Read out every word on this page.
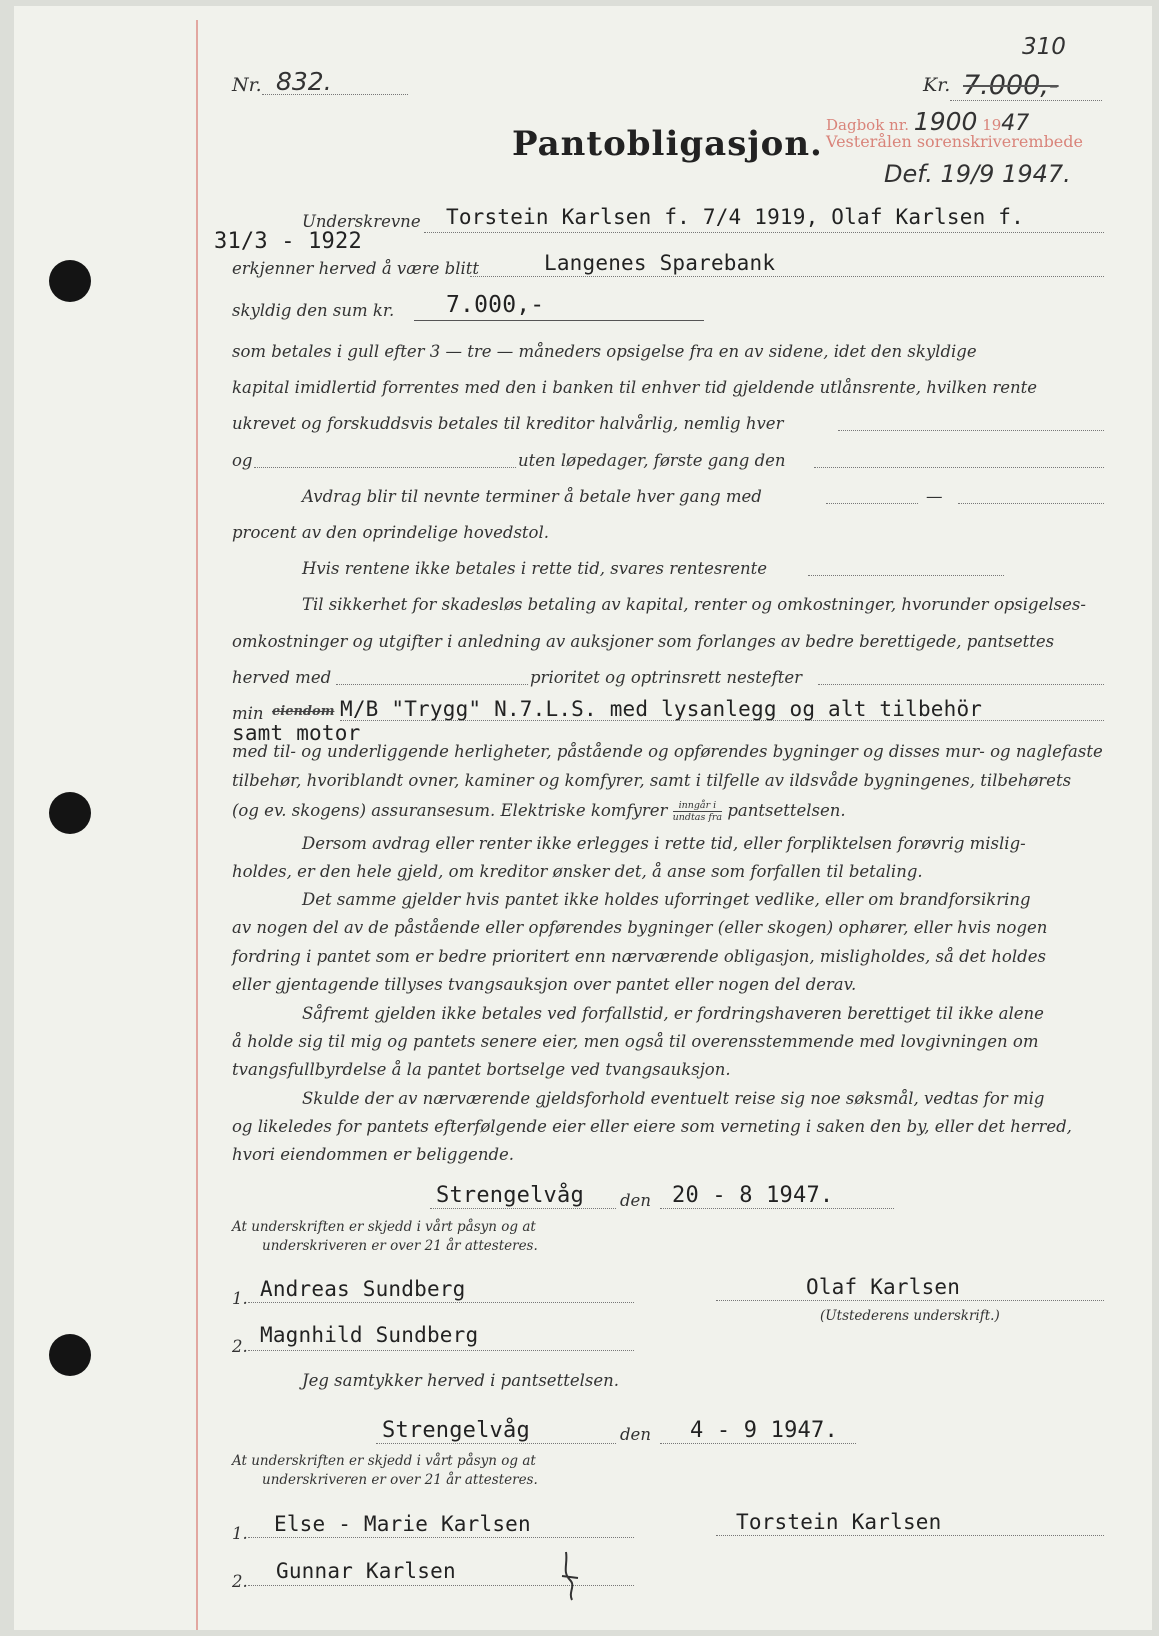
310
Nr. 832.	Kr. 7.000,-
Pantobligasjon. Dagbok nr. 1900 1947
Vesterålen sorenskriverembede
Def. 19/9 1947.
Underskrevne Torstein Karlsen f. 7/4 1919, Olaf Karlsen f.
31/3 - 1922
erkjenner herved å være blitt	Langenes Sparebank
skyldig den sum kr. 7.000,-
som betales i gull efter 3 — tre — måneders opsigelse fra en av sidene, idet den skyldige
kapital imidlertid forrentes med den i banken til enhver tid gjeldende utlånsrente, hvilken rente
ukrevet og forskuddsvis betales til kreditor halvårlig, nemlig hver
og	uten løpedager, første gang den
Avdrag blir til nevnte terminer å betale hver gang med	—
procent av den oprindelige hovedstol.
Hvis rentene ikke betales i rette tid, svares rentesrente
Til sikkerhet for skadesløs betaling av kapital, renter og omkostninger, hvorunder opsigelses-
omkostninger og utgifter i anledning av auksjoner som forlanges av bedre berettigede, pantsettes
herved med	prioritet og optrinsrett nestefter
min eiendom M/B "Trygg" N.7.L.S. med lysanlegg og alt tilbehör
samt motor
med til- og underliggende herligheter, påstående og opførendes bygninger og disses mur- og naglefaste
tilbehør, hvoriblandt ovner, kaminer og komfyrer, samt i tilfelle av ildsvåde bygningenes, tilbehørets
(og ev. skogens) assuransesum. Elektriske komfyrer $\frac{\text{inngår i}}{\text{undtas fra}}$ pantsettelsen.
Dersom avdrag eller renter ikke erlegges i rette tid, eller forpliktelsen forøvrig mislig-
holdes, er den hele gjeld, om kreditor ønsker det, å anse som forfallen til betaling.
Det samme gjelder hvis pantet ikke holdes uforringet vedlike, eller om brandforsikring
av nogen del av de påstående eller opførendes bygninger (eller skogen) ophører, eller hvis nogen
fordring i pantet som er bedre prioritert enn nærværende obligasjon, misligholdes, så det holdes
eller gjentagende tillyses tvangsauksjon over pantet eller nogen del derav.
Såfremt gjelden ikke betales ved forfallstid, er fordringshaveren berettiget til ikke alene
å holde sig til mig og pantets senere eier, men også til overensstemmende med lovgivningen om
tvangsfullbyrdelse å la pantet bortselge ved tvangsauksjon.
Skulde der av nærværende gjeldsforhold eventuelt reise sig noe søksmål, vedtas for mig
og likeledes for pantets efterfølgende eier eller eiere som verneting i saken den by, eller det herred,
hvori eiendommen er beliggende.
Strengelvåg den 20 - 8 1947.
At underskriften er skjedd i vårt påsyn og at
underskriveren er over 21 år attesteres.
1. Andreas Sundberg
2. Magnhild Sundberg
Olaf Karlsen
(Utstederens underskrift.)
Jeg samtykker herved i pantsettelsen.
Strengelvåg	den 4 - 9 1947.
At underskriften er skjedd i vårt påsyn og at
underskriveren er over 21 år attesteres.
1. Else - Marie Karlsen
2. Gunnar Karlsen
Torstein Karlsen
